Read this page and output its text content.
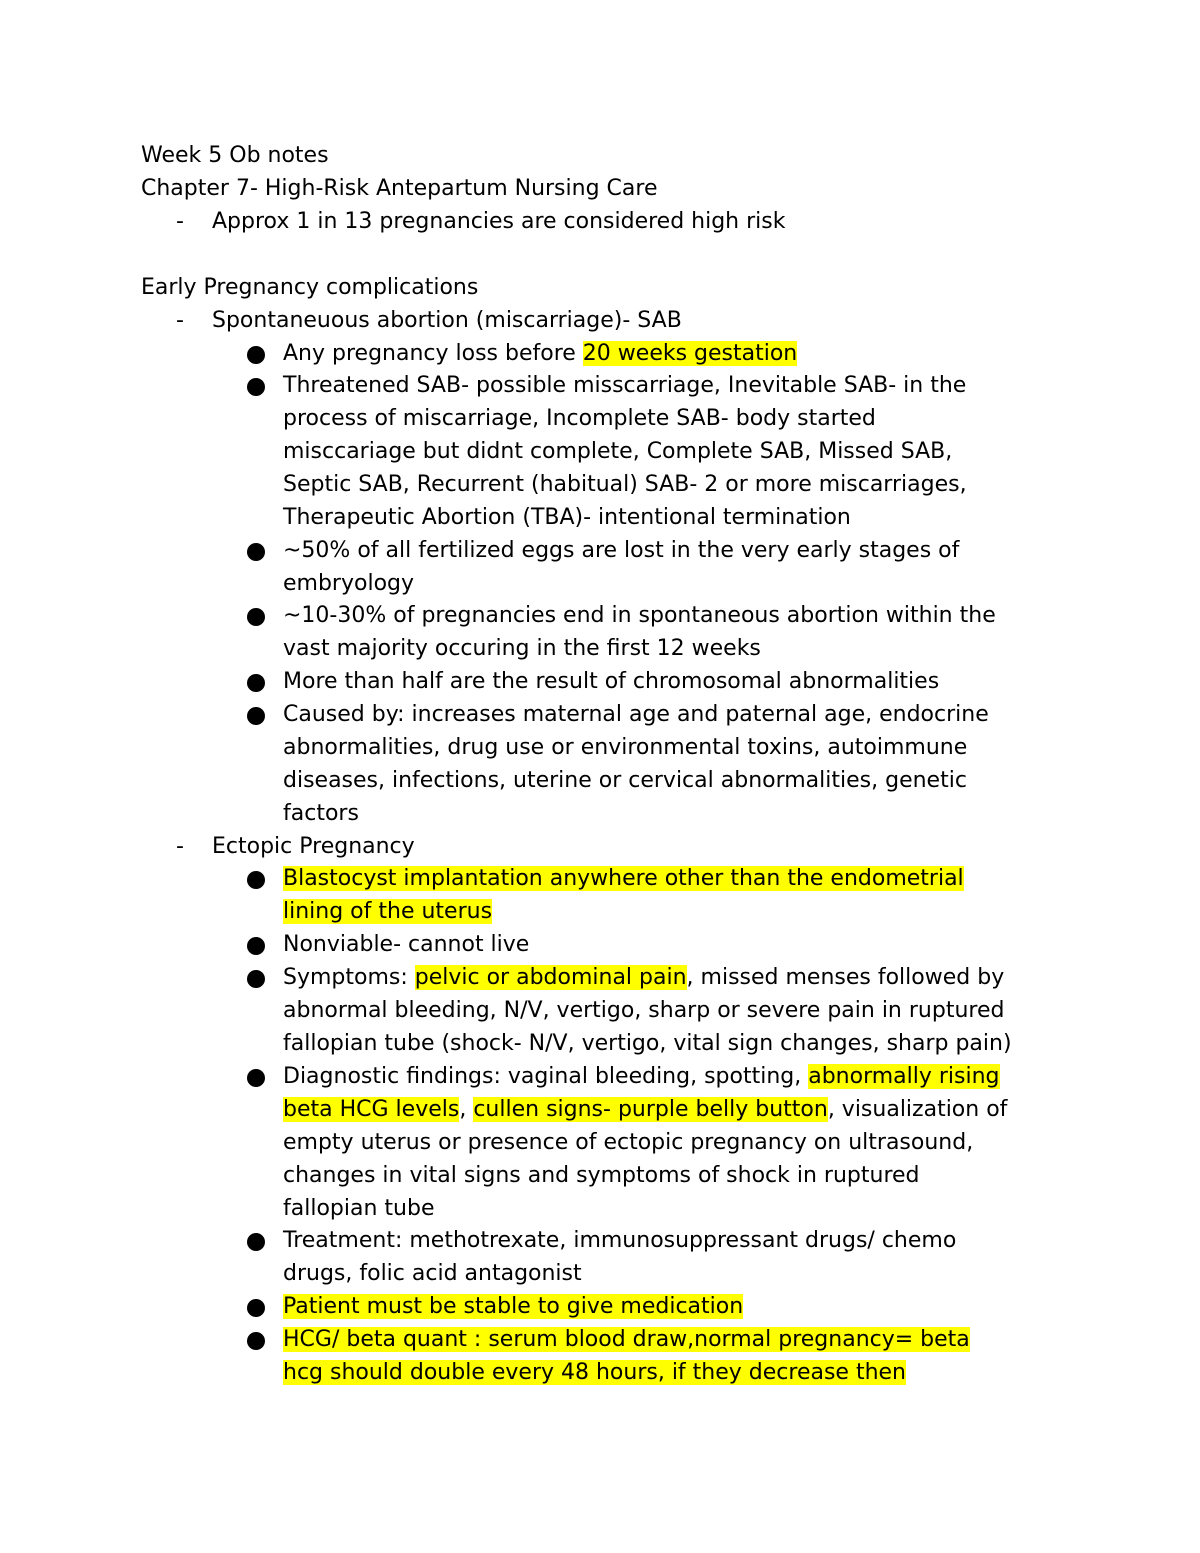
Week 5 Ob notes
Chapter 7- High-Risk Antepartum Nursing Care
- Approx 1 in 13 pregnancies are considered high risk
Early Pregnancy complications
- Spontaneuous abortion (miscarriage)- SAB
Any pregnancy loss before 20 weeks gestation
Threatened SAB- possible misscarriage, Inevitable SAB- in the
process of miscarriage, Incomplete SAB- body started
misccariage but didnt complete, Complete SAB, Missed SAB,
Septic SAB, Recurrent (habitual) SAB- 2 or more miscarriages,
Therapeutic Abortion (TBA)- intentional termination
~50% of all fertilized eggs are lost in the very early stages of
embryology
~10-30% of pregnancies end in spontaneous abortion within the
vast majority occuring in the first 12 weeks
More than half are the result of chromosomal abnormalities
Caused by: increases maternal age and paternal age, endocrine
abnormalities, drug use or environmental toxins, autoimmune
diseases, infections, uterine or cervical abnormalities, genetic
factors
- Ectopic Pregnancy
Blastocyst implantation anywhere other than the endometrial
lining of the uterus
Nonviable- cannot live
Symptoms: pelvic or abdominal pain, missed menses followed by
abnormal bleeding, N/V, vertigo, sharp or severe pain in ruptured
fallopian tube (shock- N/V, vertigo, vital sign changes, sharp pain)
Diagnostic findings: vaginal bleeding, spotting, abnormally rising
beta HCG levels, cullen signs- purple belly button, visualization of
empty uterus or presence of ectopic pregnancy on ultrasound,
changes in vital signs and symptoms of shock in ruptured
fallopian tube
Treatment: methotrexate, immunosuppressant drugs/ chemo
drugs, folic acid antagonist
Patient must be stable to give medication
HCG/ beta quant : serum blood draw,normal pregnancy= beta
hcg should double every 48 hours, if they decrease then
